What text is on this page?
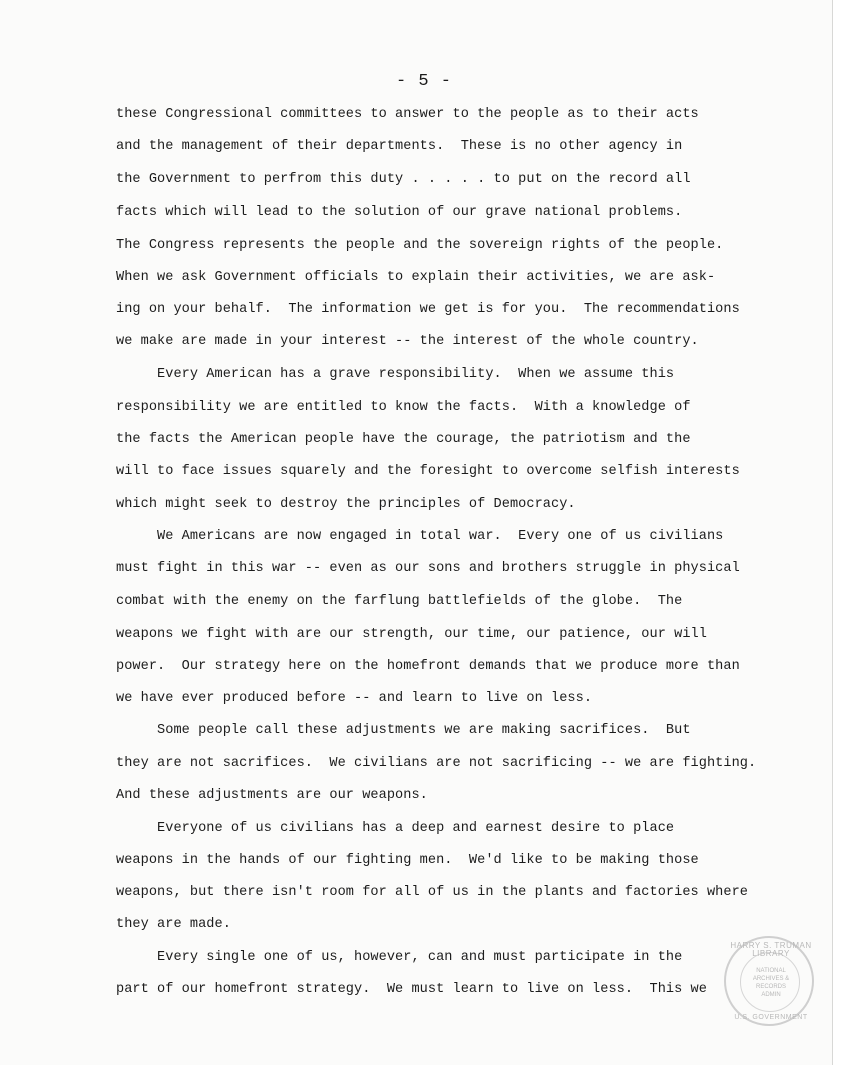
- 5 -
these Congressional committees to answer to the people as to their acts
and the management of their departments.  These is no other agency in
the Government to perfrom this duty . . . . . to put on the record all
facts which will lead to the solution of our grave national problems.
The Congress represents the people and the sovereign rights of the people.
When we ask Government officials to explain their activities, we are ask-
ing on your behalf.  The information we get is for you.  The recommendations
we make are made in your interest -- the interest of the whole country.
Every American has a grave responsibility.  When we assume this
responsibility we are entitled to know the facts.  With a knowledge of
the facts the American people have the courage, the patriotism and the
will to face issues squarely and the foresight to overcome selfish interests
which might seek to destroy the principles of Democracy.
We Americans are now engaged in total war.  Every one of us civilians
must fight in this war -- even as our sons and brothers struggle in physical
combat with the enemy on the farflung battlefields of the globe.  The
weapons we fight with are our strength, our time, our patience, our will
power.  Our strategy here on the homefront demands that we produce more than
we have ever produced before -- and learn to live on less.
Some people call these adjustments we are making sacrifices.  But
they are not sacrifices.  We civilians are not sacrificing -- we are fighting.
And these adjustments are our weapons.
Everyone of us civilians has a deep and earnest desire to place
weapons in the hands of our fighting men.  We'd like to be making those
weapons, but there isn't room for all of us in the plants and factories where
they are made.
Every single one of us, however, can and must participate in the
part of our homefront strategy.  We must learn to live on less.  This we
HARRY S. TRUMAN LIBRARY
NATIONAL
ARCHIVES &
RECORDS
ADMIN
U.S. GOVERNMENT
